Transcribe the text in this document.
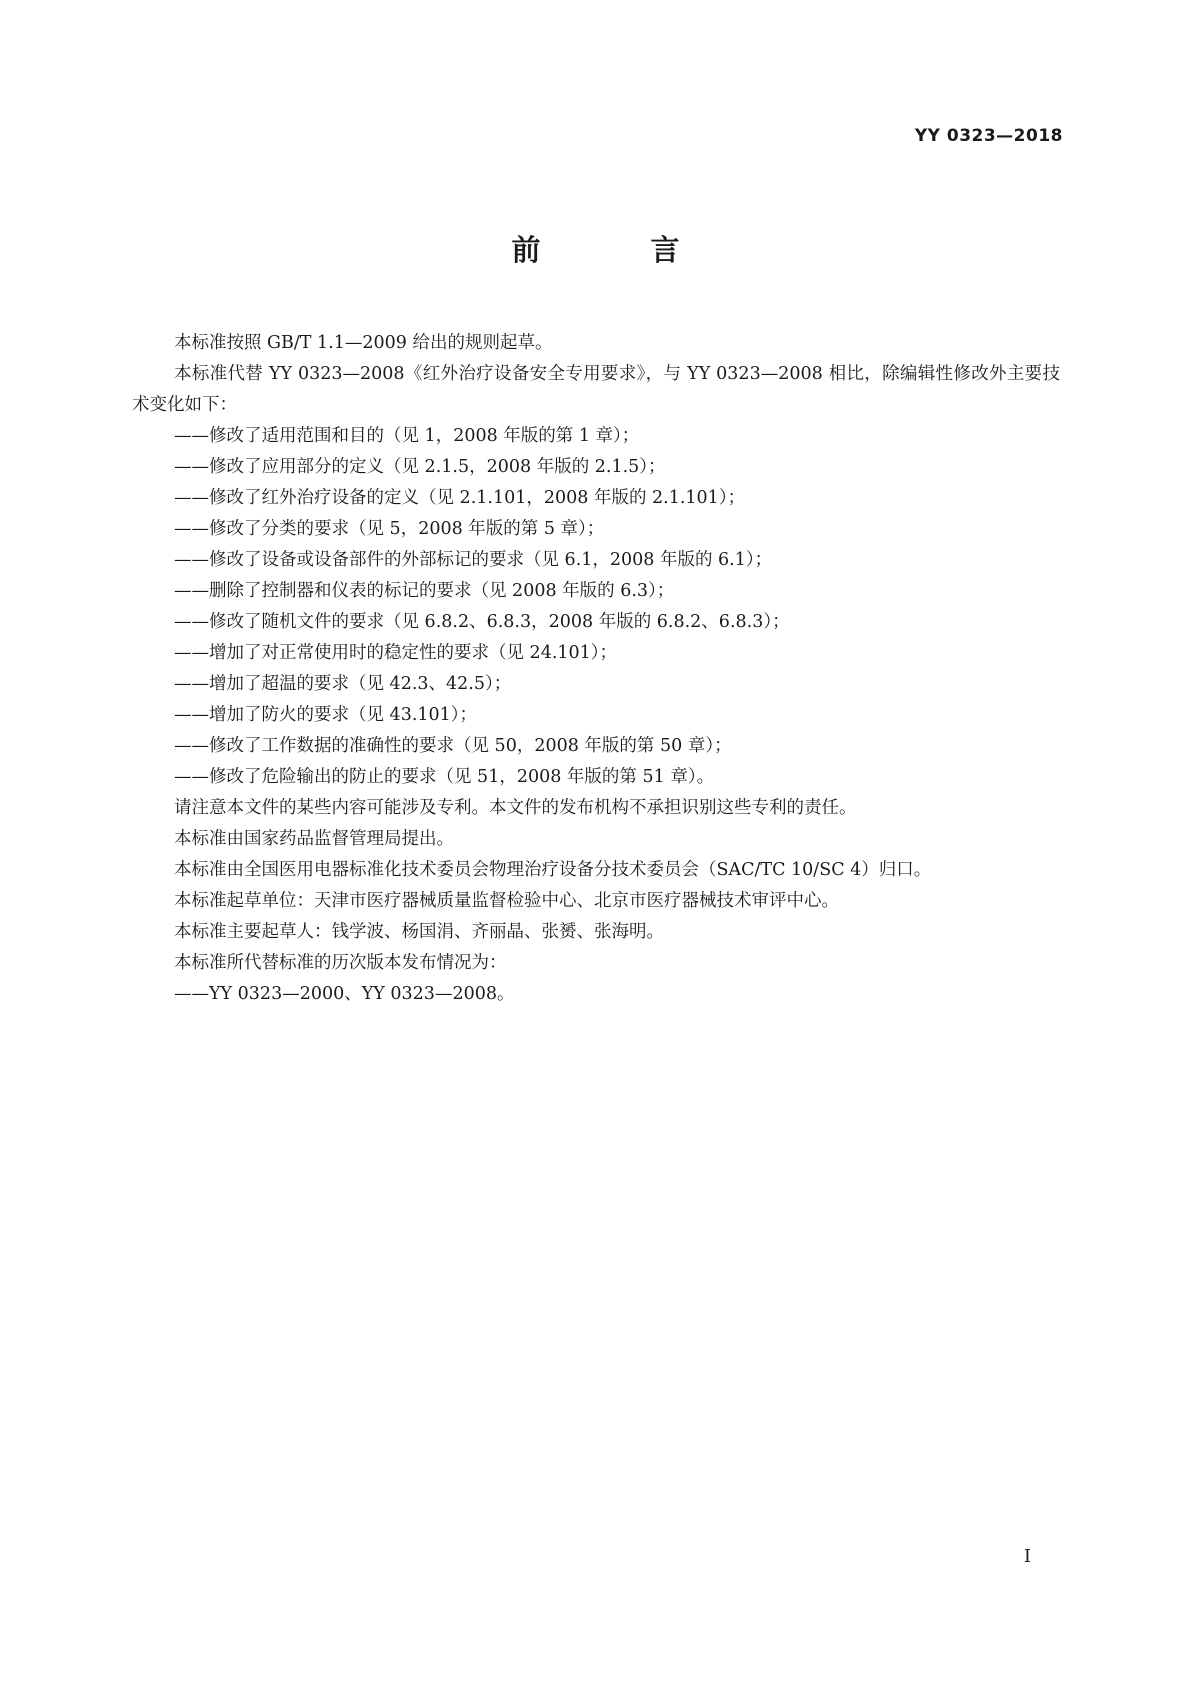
YY 0323—2018
前 言

本标准按照 GB/T 1.1—2009 给出的规则起草。

本标准代替 YY 0323—2008《红外治疗设备安全专用要求》，与 YY 0323—2008 相比，除编辑性修改外主要技术变化如下：

——修改了适用范围和目的（见 1，2008 年版的第 1 章）；

——修改了应用部分的定义（见 2.1.5，2008 年版的 2.1.5）；

——修改了红外治疗设备的定义（见 2.1.101，2008 年版的 2.1.101）；

——修改了分类的要求（见 5，2008 年版的第 5 章）；

——修改了设备或设备部件的外部标记的要求（见 6.1，2008 年版的 6.1）；

——删除了控制器和仪表的标记的要求（见 2008 年版的 6.3）；

——修改了随机文件的要求（见 6.8.2、6.8.3，2008 年版的 6.8.2、6.8.3）；

——增加了对正常使用时的稳定性的要求（见 24.101）；

——增加了超温的要求（见 42.3、42.5）；

——增加了防火的要求（见 43.101）；

——修改了工作数据的准确性的要求（见 50，2008 年版的第 50 章）；

——修改了危险输出的防止的要求（见 51，2008 年版的第 51 章）。

请注意本文件的某些内容可能涉及专利。本文件的发布机构不承担识别这些专利的责任。

本标准由国家药品监督管理局提出。

本标准由全国医用电器标准化技术委员会物理治疗设备分技术委员会（SAC/TC 10/SC 4）归口。

本标准起草单位：天津市医疗器械质量监督检验中心、北京市医疗器械技术审评中心。

本标准主要起草人：钱学波、杨国涓、齐丽晶、张赟、张海明。

本标准所代替标准的历次版本发布情况为：

——YY 0323—2000、YY 0323—2008。

I
